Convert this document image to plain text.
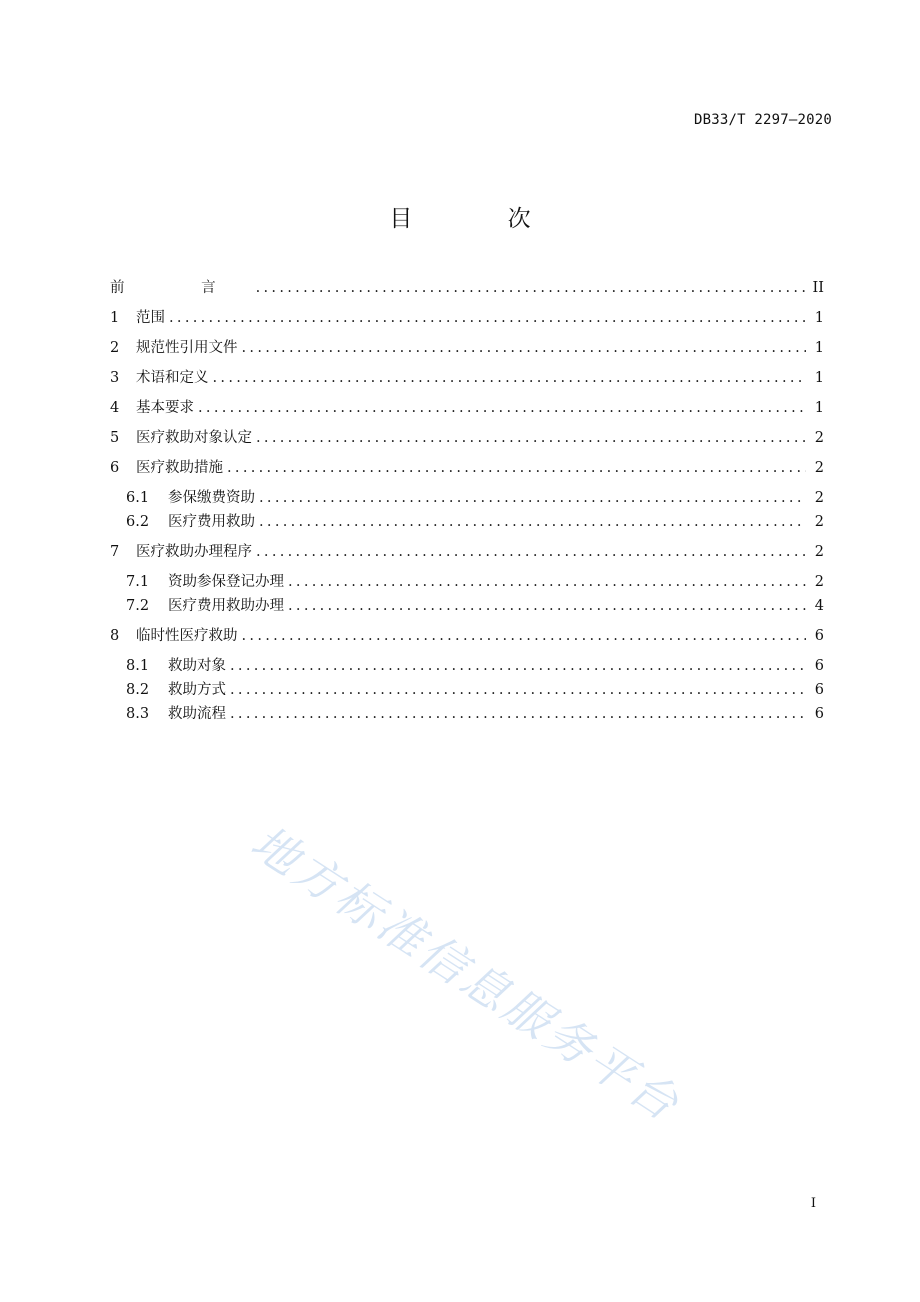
DB33/T 2297—2020
目 次
前 言 .....	II
1	范围 .....	1
2	规范性引用文件 .....	1
3	术语和定义 .....	1
4	基本要求 .....	1
5	医疗救助对象认定 .....	2
6	医疗救助措施 .....	2
6.1	参保缴费资助 .....	2
6.2	医疗费用救助 .....	2
7	医疗救助办理程序 .....	2
7.1	资助参保登记办理 .....	2
7.2	医疗费用救助办理 .....	4
8	临时性医疗救助 .....	6
8.1	救助对象 .....	6
8.2	救助方式 .....	6
8.3	救助流程 .....	6
I
地方标准信息服务平台
